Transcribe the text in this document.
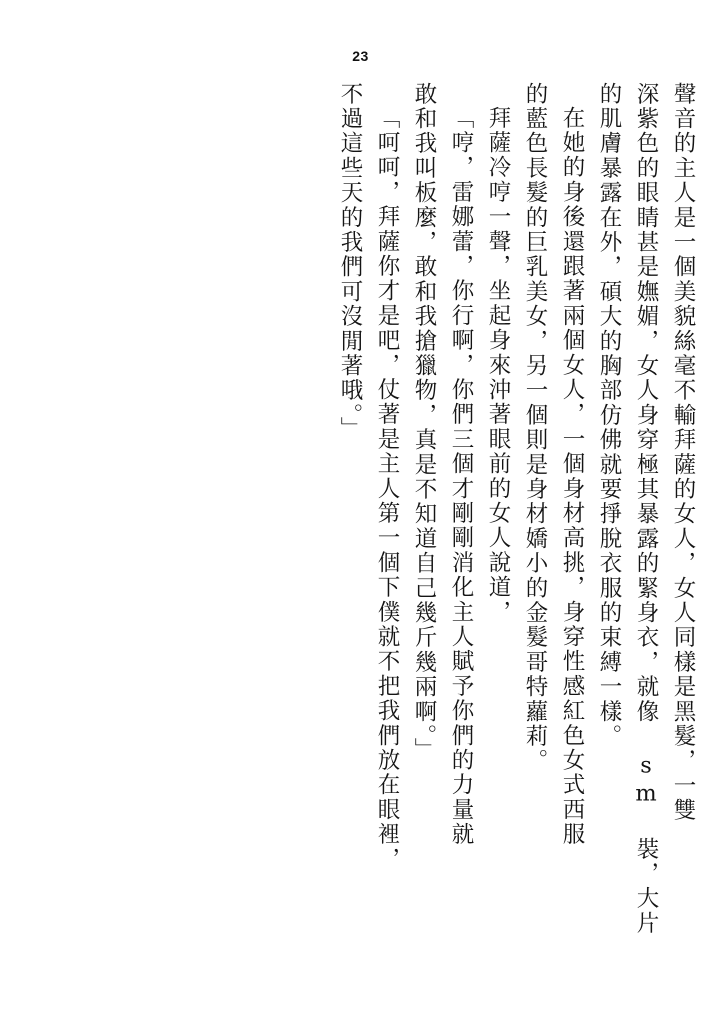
23
聲音的主人是一個美貌絲毫不輸拜薩的女人，女人同樣是黑髮，一雙
深紫色的眼睛甚是嫵媚，女人身穿極其暴露的緊身衣，就像 sm 裝，大片
的肌膚暴露在外，碩大的胸部仿佛就要掙脫衣服的束縛一樣。
在她的身後還跟著兩個女人，一個身材高挑，身穿性感紅色女式西服
的藍色長髮的巨乳美女，另一個則是身材嬌小的金髮哥特蘿莉。
拜薩冷哼一聲，坐起身來沖著眼前的女人說道，
「哼，雷娜蕾，你行啊，你們三個才剛剛消化主人賦予你們的力量就
敢和我叫板麼，敢和我搶獵物，真是不知道自己幾斤幾兩啊。」
「呵呵，拜薩你才是吧，仗著是主人第一個下僕就不把我們放在眼裡，
不過這些天的我們可沒閒著哦。」
